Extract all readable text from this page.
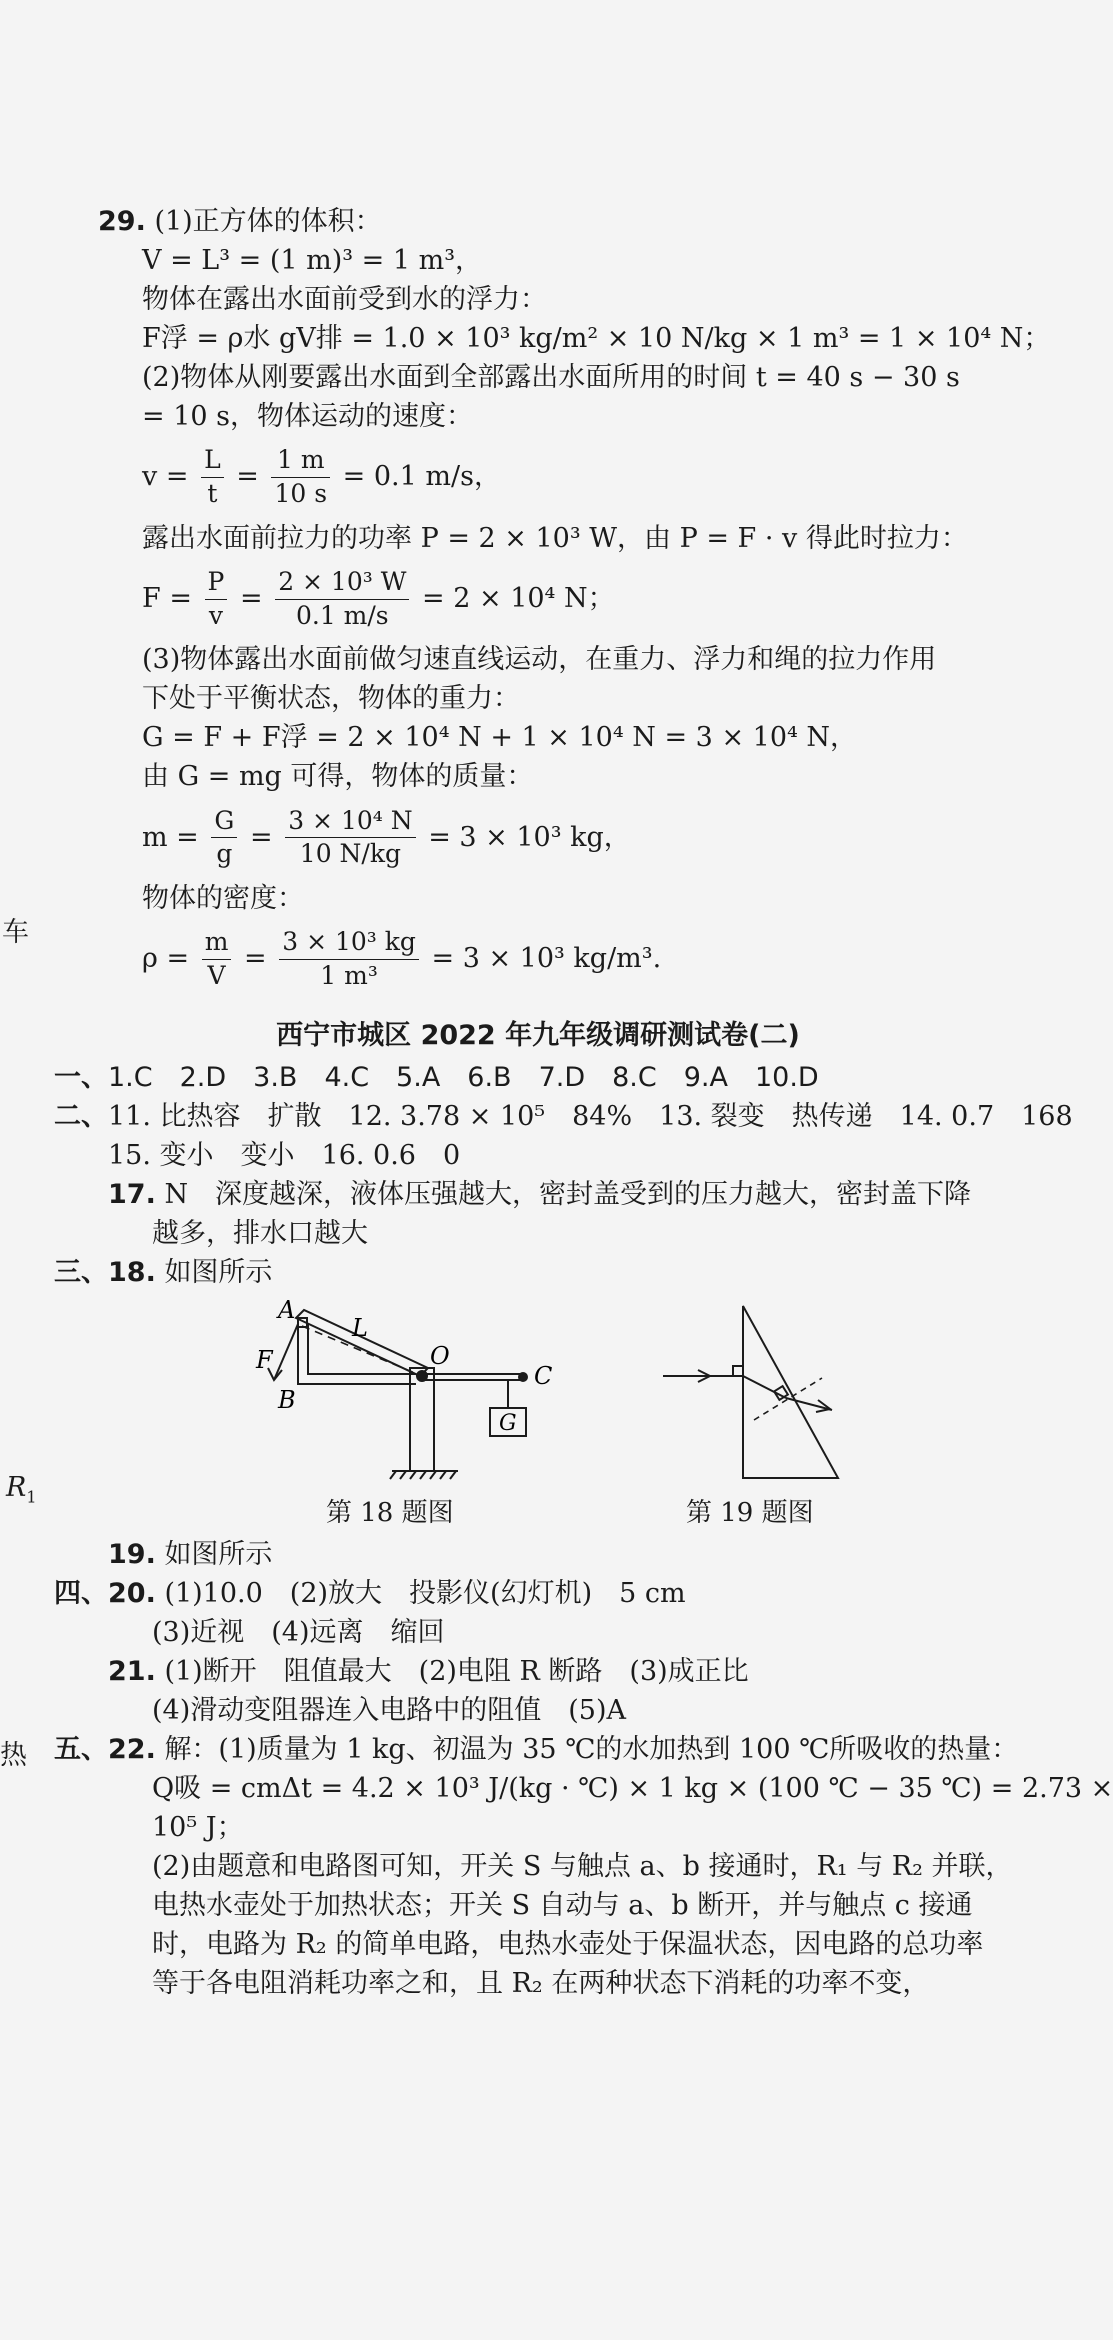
车
$R_1$
热
29. (1)正方体的体积：
V = L³ = (1 m)³ = 1 m³，
物体在露出水面前受到水的浮力：
F浮 = ρ水 gV排 = 1.0 × 10³ kg/m² × 10 N/kg × 1 m³ = 1 × 10⁴ N；
(2)物体从刚要露出水面到全部露出水面所用的时间 t = 40 s − 30 s
= 10 s，物体运动的速度：
$v = \frac{L}{t} = \frac{1 m}{10 s} = 0.1$ m/s，
露出水面前拉力的功率 P = 2 × 10³ W，由 P = F · v 得此时拉力：
$F = \frac{P}{v} = \frac{\text{2 × 10³ W}}{0.1 m/s} = 2 \times 10^4$ N；
(3)物体露出水面前做匀速直线运动，在重力、浮力和绳的拉力作用
下处于平衡状态，物体的重力：
G = F + F浮 = 2 × 10⁴ N + 1 × 10⁴ N = 3 × 10⁴ N，
由 G = mg 可得，物体的质量：
$m = \frac{G}{g} = \frac{\text{3 × 10⁴ N}}{10 N/kg} = 3 \times 10^3$ kg，
物体的密度：
$\rho = \frac{m}{V} = \frac{\text{3 × 10³ kg}}{\text{1 m³}} = 3 \times 10^3$ kg/m³.
西宁市城区 2022 年九年级调研测试卷(二)
一、1.C　2.D　3.B　4.C　5.A　6.B　7.D　8.C　9.A　10.D
二、11. 比热容　扩散　12. 3.78 × 10⁵　84%　13. 裂变　热传递　14. 0.7　168
15. 变小　变小　16. 0.6　0
17. N　深度越深，液体压强越大，密封盖受到的压力越大，密封盖下降
越多，排水口越大
三、18. 如图所示
A
L
F	O
C
B
G
第 18 题图	第 19 题图
19. 如图所示
四、20. (1)10.0　(2)放大　投影仪(幻灯机)　5 cm
(3)近视　(4)远离　缩回
21. (1)断开　阻值最大　(2)电阻 R 断路　(3)成正比
(4)滑动变阻器连入电路中的阻值　(5)A
五、22. 解：(1)质量为 1 kg、初温为 35 ℃的水加热到 100 ℃所吸收的热量：
Q吸 = cmΔt = 4.2 × 10³ J/(kg · ℃) × 1 kg × (100 ℃ − 35 ℃) = 2.73 ×
10⁵ J；
(2)由题意和电路图可知，开关 S 与触点 a、b 接通时，R₁ 与 R₂ 并联，
电热水壶处于加热状态；开关 S 自动与 a、b 断开，并与触点 c 接通
时，电路为 R₂ 的简单电路，电热水壶处于保温状态，因电路的总功率
等于各电阻消耗功率之和，且 R₂ 在两种状态下消耗的功率不变，
